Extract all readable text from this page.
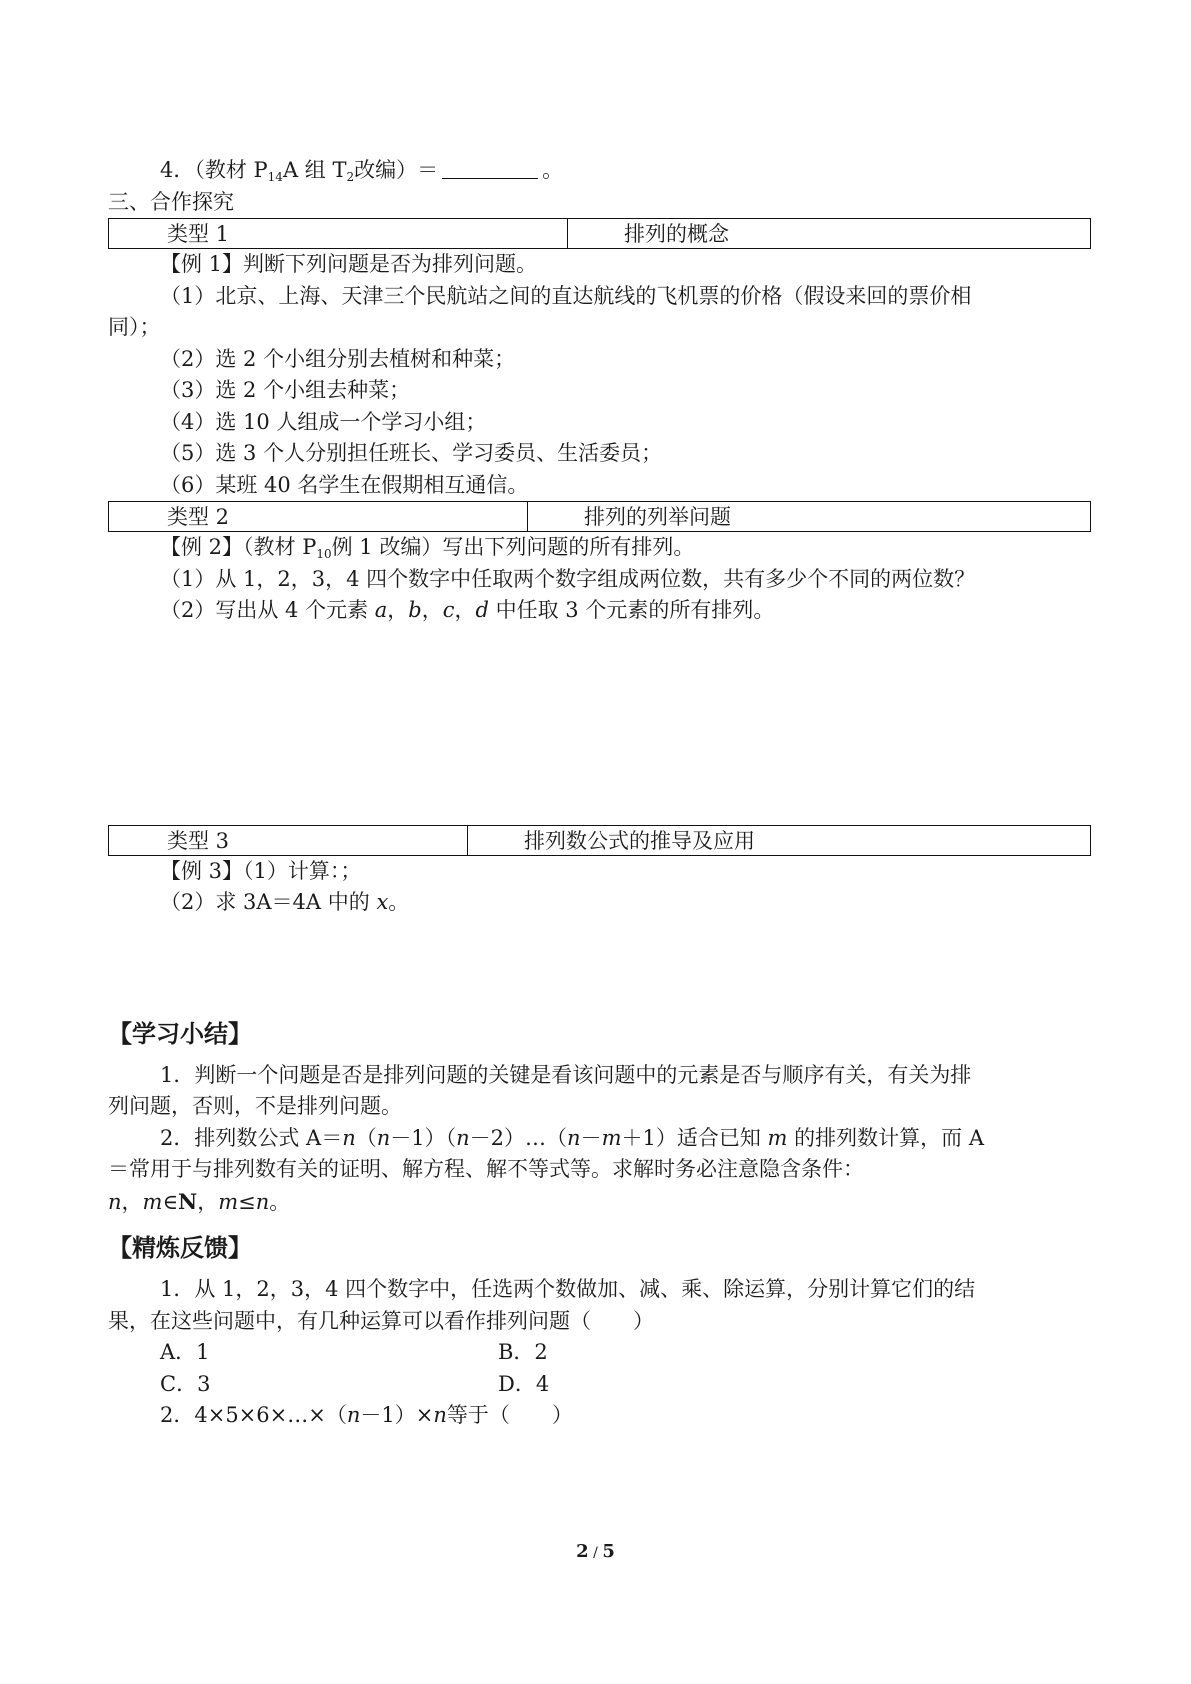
4．（教材 $P_{14}A$ 组 $T_2$改编）＝	。

三、合作探究

类型 1	排列的概念

【例 1】判断下列问题是否为排列问题。

（1）北京、上海、天津三个民航站之间的直达航线的飞机票的价格（假设来回的票价相

同）；

（2）选 2 个小组分别去植树和种菜；

（3）选 2 个小组去种菜；

（4）选 10 人组成一个学习小组；

（5）选 3 个人分别担任班长、学习委员、生活委员；

（6）某班 40 名学生在假期相互通信。

类型 2	排列的列举问题

【例 2】（教材 $P_{10}$例 1 改编）写出下列问题的所有排列。

（1）从 1，2，3，4 四个数字中任取两个数字组成两位数，共有多少个不同的两位数？

（2）写出从 4 个元素 a，b，c，d 中任取 3 个元素的所有排列。

类型 3	排列数公式的推导及应用

【例 3】（1）计算：；

（2）求 3A＝4A 中的 x。

【学习小结】

1．判断一个问题是否是排列问题的关键是看该问题中的元素是否与顺序有关，有关为排

列问题，否则，不是排列问题。

2．排列数公式 A＝n（n－1）（n－2）…（n－m＋1）适合已知 m 的排列数计算，而 A

＝常用于与排列数有关的证明、解方程、解不等式等。求解时务必注意隐含条件：

n，m∈N，m≤n。

【精炼反馈】

1．从 1，2，3，4 四个数字中，任选两个数做加、减、乘、除运算，分别计算它们的结

果，在这些问题中，有几种运算可以看作排列问题（　　）

A．1	B．2
C．3	D．4

2．4×5×6×…×（n－1）×n等于（　　）

2 / 5
